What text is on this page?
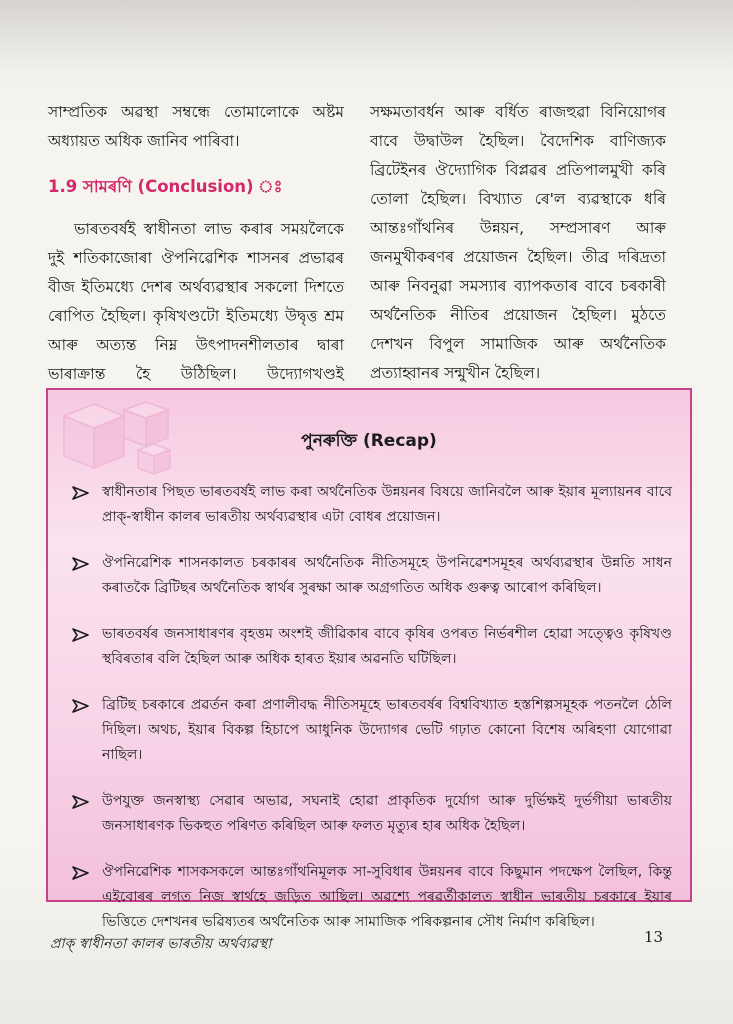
সাম্প্ৰতিক অৱস্থা সম্বন্ধে তোমালোকে অষ্টম অধ্যায়ত অধিক জানিব পাৰিবা।

1.9 সামৰণি (Conclusion) ঃ

ভাৰতবৰ্ষই স্বাধীনতা লাভ কৰাৰ সময়লৈকে দুই শতিকাজোৰা ঔপনিৱেশিক শাসনৰ প্ৰভাৱৰ বীজ ইতিমধ্যে দেশৰ অৰ্থব্যৱস্থাৰ সকলো দিশতে ৰোপিত হৈছিল। কৃষিখণ্ডটো ইতিমধ্যে উদ্বৃত্ত শ্ৰম আৰু অত্যন্ত নিম্ন উৎপাদনশীলতাৰ দ্বাৰা ভাৰাক্ৰান্ত হৈ উঠিছিল। উদ্যোগখণ্ডই

সক্ষমতাবৰ্ধন আৰু বৰ্ধিত ৰাজহুৱা বিনিয়োগৰ বাবে উদ্বাউল হৈছিল। বৈদেশিক বাণিজ্যক ব্ৰিটেইনৰ ঔদ্যোগিক বিপ্লৱৰ প্ৰতিপালমুখী কৰি তোলা হৈছিল। বিখ্যাত ৰে'ল ব্যৱস্থাকে ধৰি আন্তঃগাঁথনিৰ উন্নয়ন, সম্প্ৰসাৰণ আৰু জনমুখীকৰণৰ প্ৰয়োজন হৈছিল। তীব্ৰ দৰিদ্ৰতা আৰু নিবনুৱা সমস্যাৰ ব্যাপকতাৰ বাবে চৰকাৰী অৰ্থনৈতিক নীতিৰ প্ৰয়োজন হৈছিল। মুঠতে দেশখন বিপুল সামাজিক আৰু অৰ্থনৈতিক প্ৰত্যাহ্বানৰ সন্মুখীন হৈছিল।

পুনৰুক্তি (Recap)
স্বাধীনতাৰ পিছত ভাৰতবৰ্ষই লাভ কৰা অৰ্থনৈতিক উন্নয়নৰ বিষয়ে জানিবলৈ আৰু ইয়াৰ মূল্যায়নৰ বাবে প্ৰাক্-স্বাধীন কালৰ ভাৰতীয় অৰ্থব্যৱস্থাৰ এটা বোধৰ প্ৰয়োজন।
ঔপনিৱেশিক শাসনকালত চৰকাৰৰ অৰ্থনৈতিক নীতিসমূহে উপনিৱেশসমূহৰ অৰ্থব্যৱস্থাৰ উন্নতি সাধন কৰাতকৈ ব্ৰিটিছৰ অৰ্থনৈতিক স্বাৰ্থৰ সুৰক্ষা আৰু অগ্ৰগতিত অধিক গুৰুত্ব আৰোপ কৰিছিল।
ভাৰতবৰ্ষৰ জনসাধাৰণৰ বৃহত্তম অংশই জীৱিকাৰ বাবে কৃষিৰ ওপৰত নিৰ্ভৰশীল হোৱা সত্ত্বেও কৃষিখণ্ড স্থবিৰতাৰ বলি হৈছিল আৰু অধিক হাৰত ইয়াৰ অৱনতি ঘটিছিল।
ব্ৰিটিছ চৰকাৰে প্ৰৱৰ্তন কৰা প্ৰণালীবদ্ধ নীতিসমূহে ভাৰতবৰ্ষৰ বিশ্ববিখ্যাত হস্তশিল্পসমূহক পতনলৈ ঠেলি দিছিল। অথচ, ইয়াৰ বিকল্প হিচাপে আধুনিক উদ্যোগৰ ভেটি গঢ়াত কোনো বিশেষ অৰিহণা যোগোৱা নাছিল।
উপযুক্ত জনস্বাস্থ্য সেৱাৰ অভাৱ, সঘনাই হোৱা প্ৰাকৃতিক দুৰ্যোগ আৰু দুৰ্ভিক্ষই দুৰ্ভগীয়া ভাৰতীয় জনসাধাৰণক ভিকহুত পৰিণত কৰিছিল আৰু ফলত মৃত্যুৰ হাৰ অধিক হৈছিল।
ঔপনিৱেশিক শাসকসকলে আন্তঃগাঁথনিমূলক সা-সুবিধাৰ উন্নয়নৰ বাবে কিছুমান পদক্ষেপ লৈছিল, কিন্তু এইবোৰৰ লগত নিজ স্বাৰ্থহে জড়িত আছিল। অৱশ্যে পৰৱৰ্তীকালত স্বাধীন ভাৰতীয় চৰকাৰে ইয়াৰ ভিত্তিতে দেশখনৰ ভৱিষ্যতৰ অৰ্থনৈতিক আৰু সামাজিক পৰিকল্পনাৰ সৌধ নিৰ্মাণ কৰিছিল।
প্ৰাক্ স্বাধীনতা কালৰ ভাৰতীয় অৰ্থব্যৱস্থা	13
